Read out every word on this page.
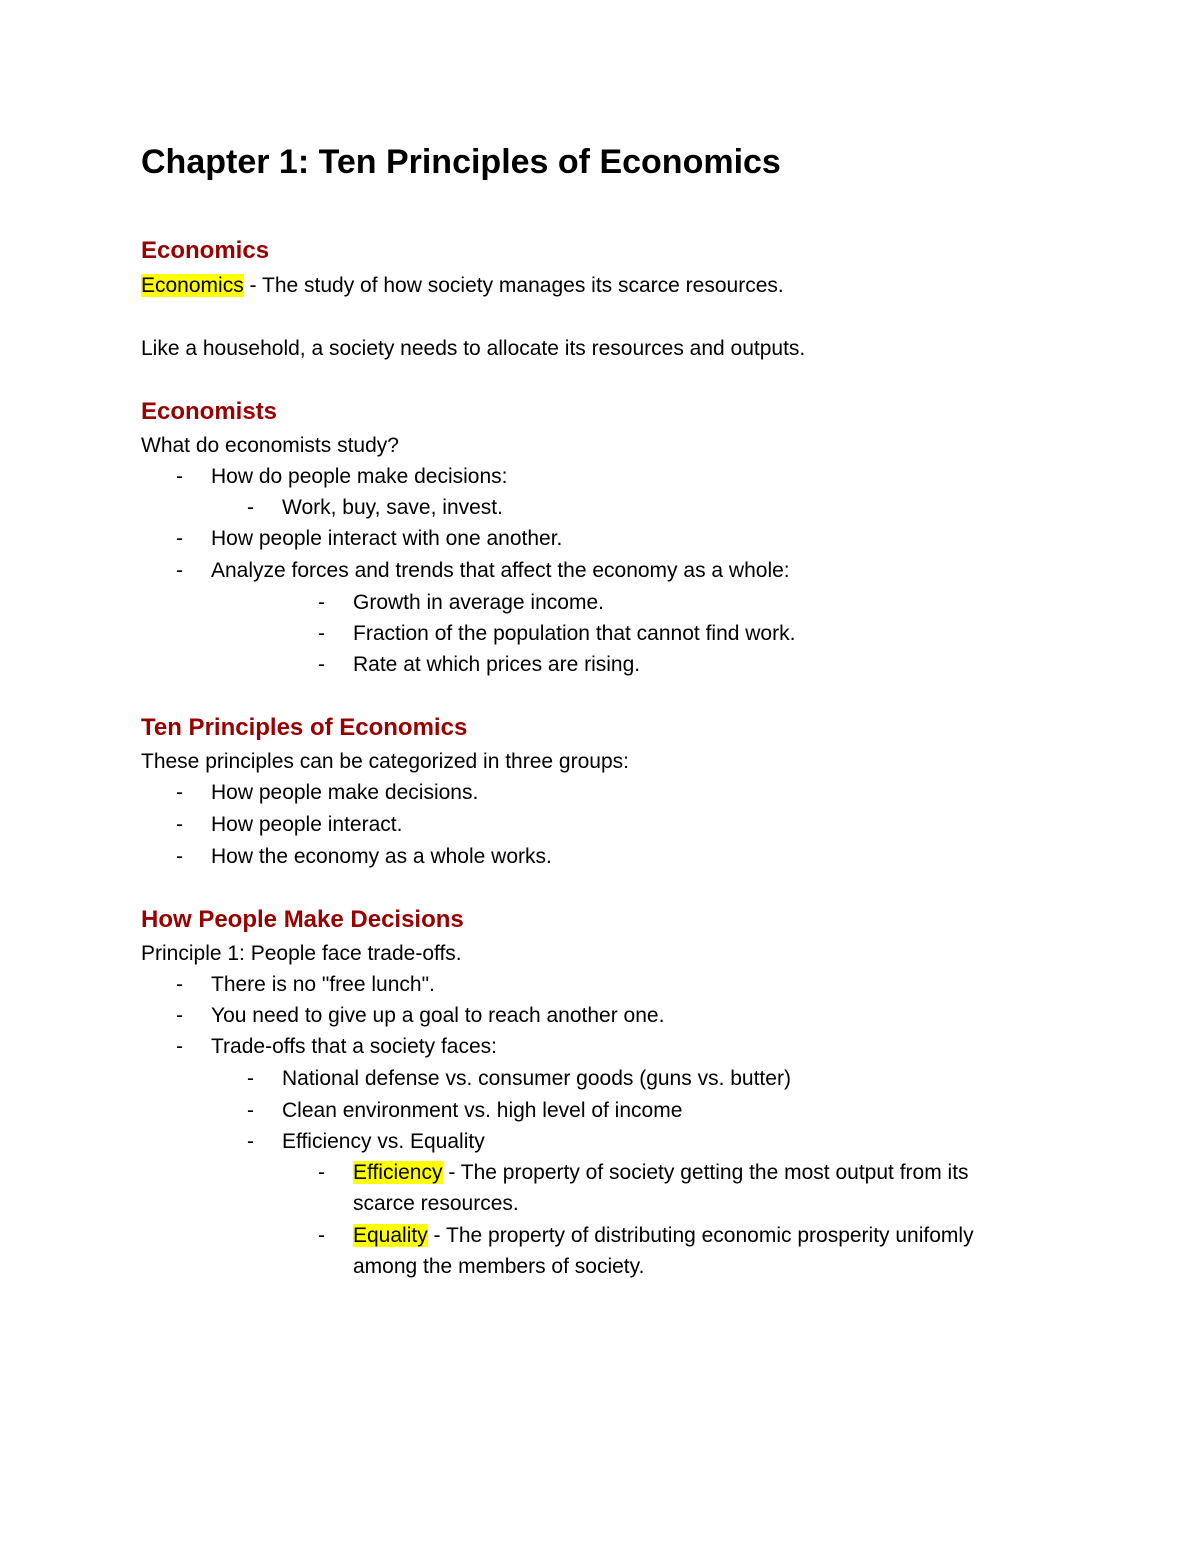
Chapter 1: Ten Principles of Economics
Economics

Economics - The study of how society manages its scarce resources.

Like a household, a society needs to allocate its resources and outputs.

Economists

What do economists study?

- How do people make decisions:

- Work, buy, save, invest.

- How people interact with one another.

- Analyze forces and trends that affect the economy as a whole:

- Growth in average income.

- Fraction of the population that cannot find work.

- Rate at which prices are rising.

Ten Principles of Economics

These principles can be categorized in three groups:

- How people make decisions.

- How people interact.

- How the economy as a whole works.

How People Make Decisions

Principle 1: People face trade-offs.

- There is no "free lunch".

- You need to give up a goal to reach another one.

- Trade-offs that a society faces:

- National defense vs. consumer goods (guns vs. butter)

- Clean environment vs. high level of income

- Efficiency vs. Equality

- Efficiency - The property of society getting the most output from its

scarce resources.

- Equality - The property of distributing economic prosperity unifomly

among the members of society.
